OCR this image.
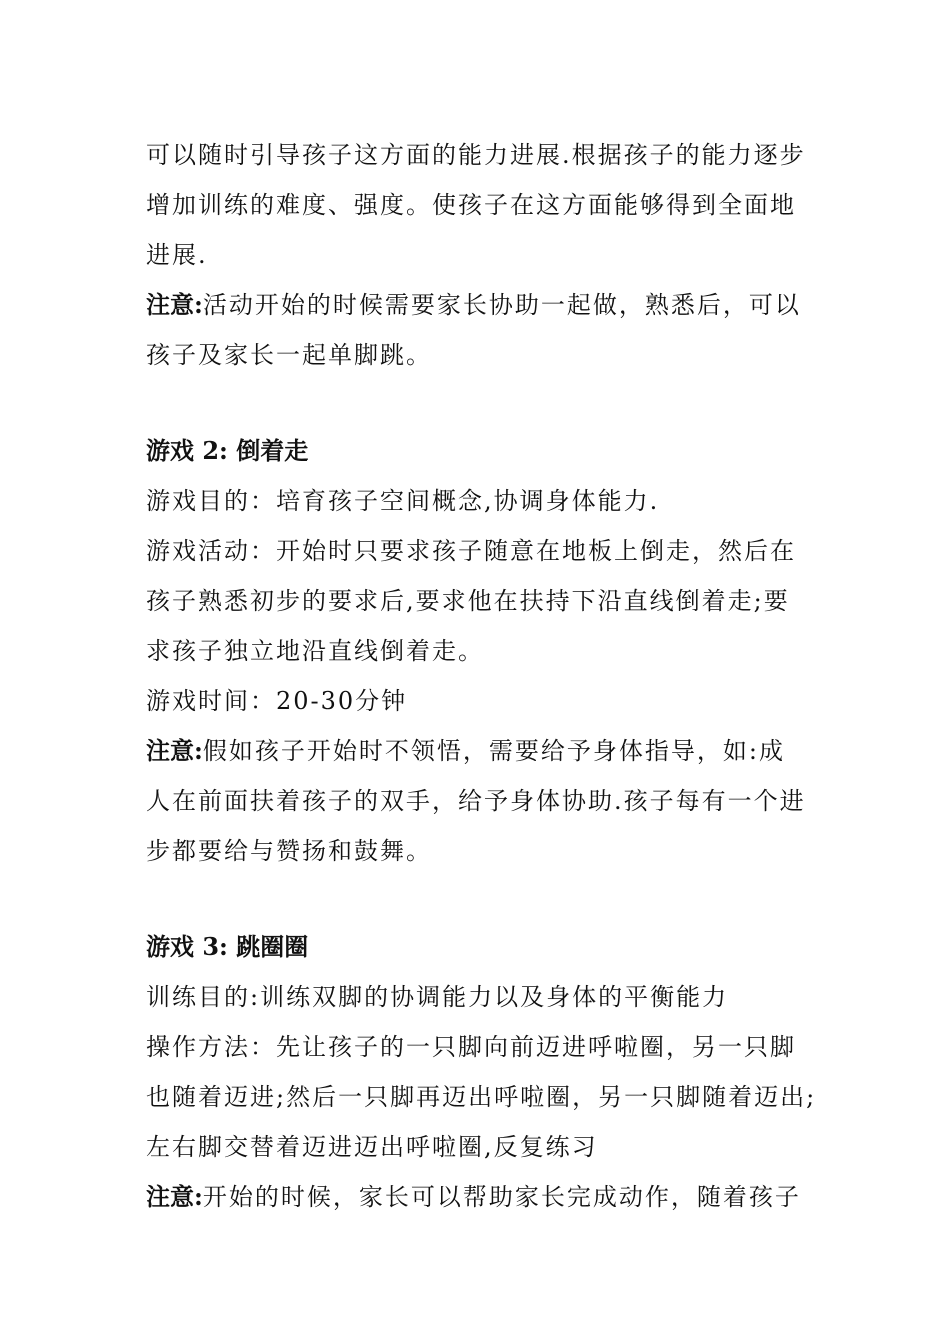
可以随时引导孩子这方面的能力进展.根据孩子的能力逐步
增加训练的难度、强度。使孩子在这方面能够得到全面地
进展.
注意:活动开始的时候需要家长协助一起做，熟悉后，可以
孩子及家长一起单脚跳。
游戏 2: 倒着走
游戏目的：培育孩子空间概念,协调身体能力.
游戏活动：开始时只要求孩子随意在地板上倒走，然后在
孩子熟悉初步的要求后,要求他在扶持下沿直线倒着走;要
求孩子独立地沿直线倒着走。
游戏时间：20-30分钟
注意:假如孩子开始时不领悟，需要给予身体指导，如:成
人在前面扶着孩子的双手，给予身体协助.孩子每有一个进
步都要给与赞扬和鼓舞。
游戏 3: 跳圈圈
训练目的:训练双脚的协调能力以及身体的平衡能力
操作方法：先让孩子的一只脚向前迈进呼啦圈，另一只脚
也随着迈进;然后一只脚再迈出呼啦圈，另一只脚随着迈出;
左右脚交替着迈进迈出呼啦圈,反复练习
注意:开始的时候，家长可以帮助家长完成动作，随着孩子
